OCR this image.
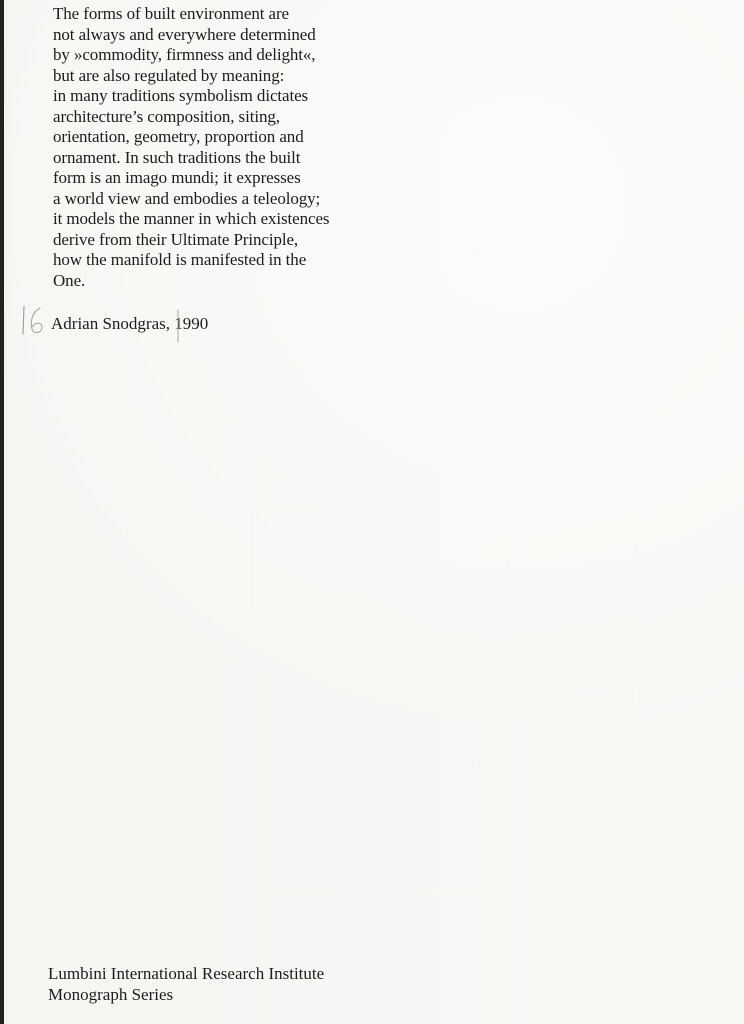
The forms of built environment are
not always and everywhere determined
by »commodity, firmness and delight«,
but are also regulated by meaning:
in many traditions symbolism dictates
architecture’s composition, siting,
orientation, geometry, proportion and
ornament. In such traditions the built
form is an imago mundi; it expresses
a world view and embodies a teleology;
it models the manner in which existences
derive from their Ultimate Principle,
how the manifold is manifested in the
One.
Adrian Snodgras, 1990
Lumbini International Research Institute
Monograph Series
